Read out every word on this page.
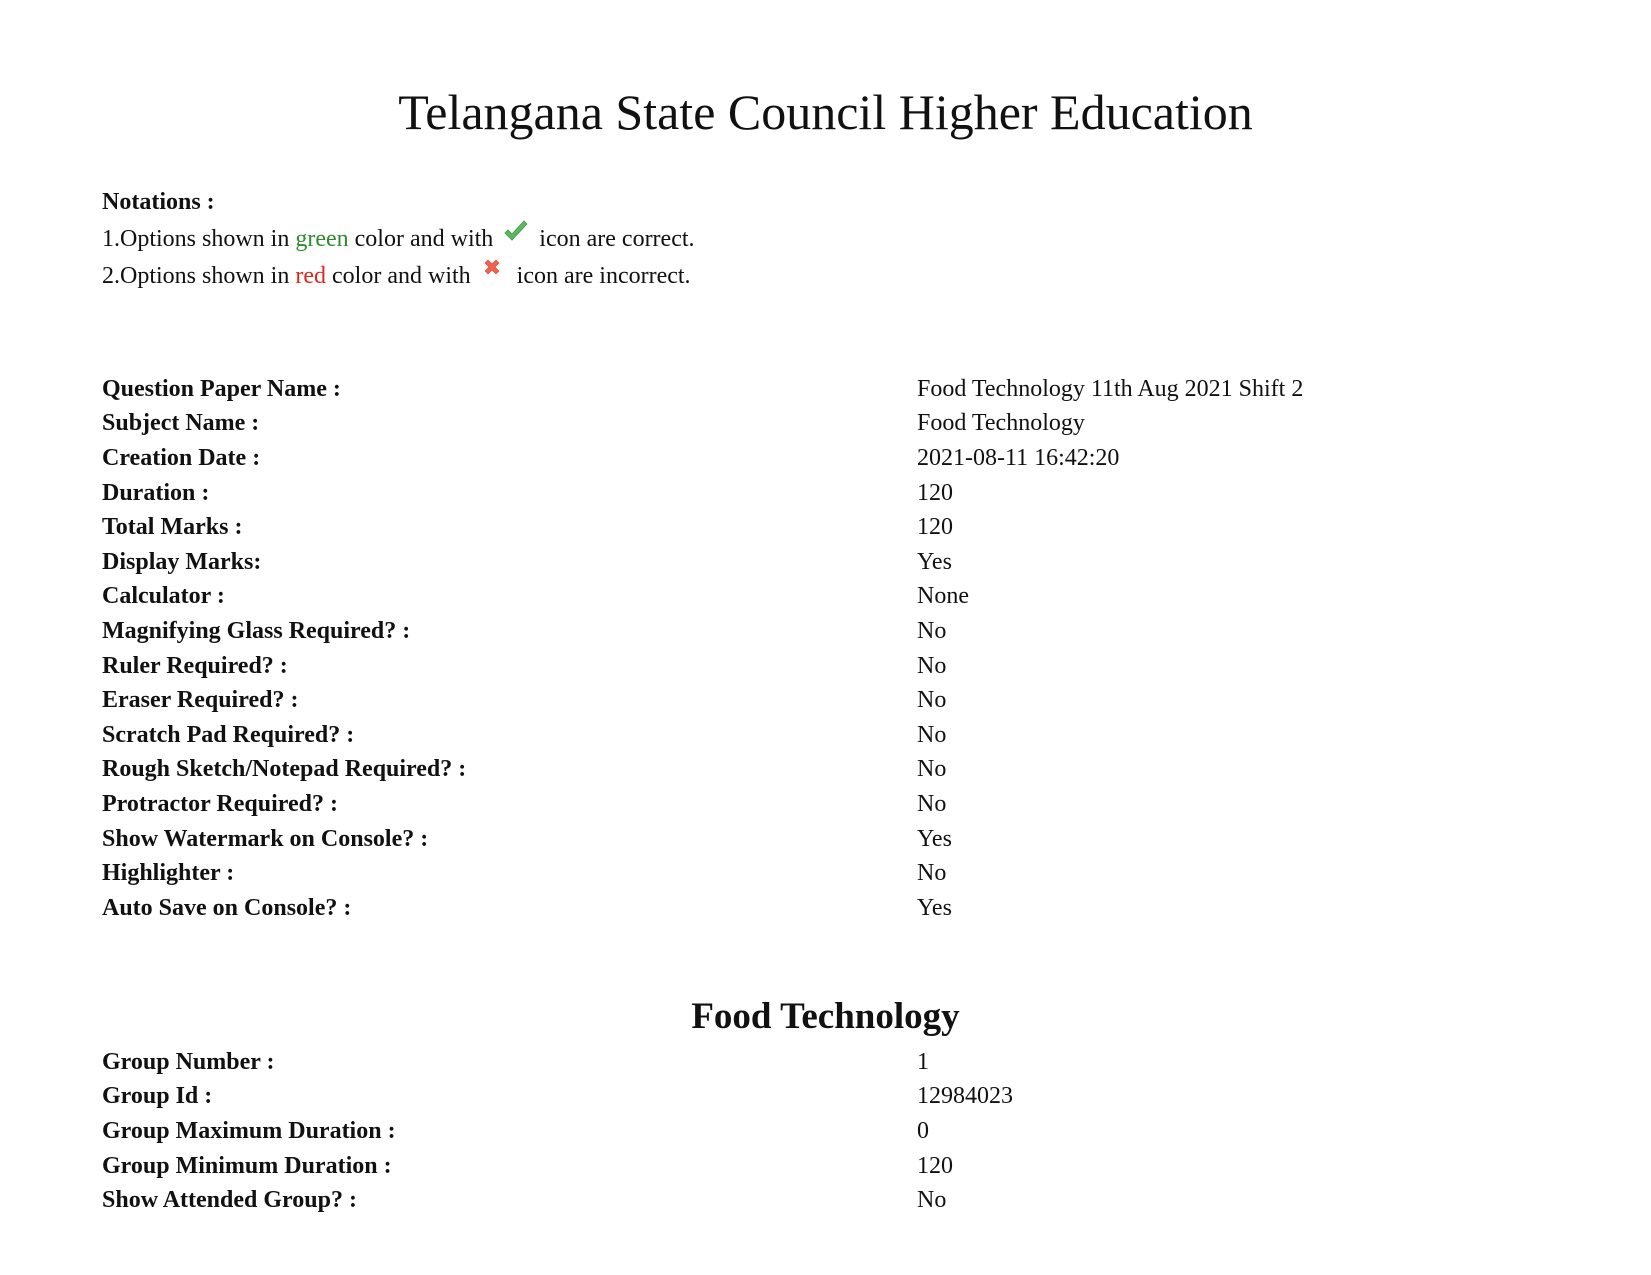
Telangana State Council Higher Education
Notations :
1.Options shown in green color and with
icon are correct.
2.Options shown in red color and with
icon are incorrect.
Question Paper Name :	Food Technology 11th Aug 2021 Shift 2
Subject Name :	Food Technology
Creation Date :	2021-08-11 16:42:20
Duration :	120
Total Marks :	120
Display Marks:	Yes
Calculator :	None
Magnifying Glass Required? :	No
Ruler Required? :	No
Eraser Required? :	No
Scratch Pad Required? :	No
Rough Sketch/Notepad Required? :	No
Protractor Required? :	No
Show Watermark on Console? :	Yes
Highlighter :	No
Auto Save on Console? :	Yes
Food Technology
Group Number :	1
Group Id :	12984023
Group Maximum Duration :	0
Group Minimum Duration :	120
Show Attended Group? :	No
